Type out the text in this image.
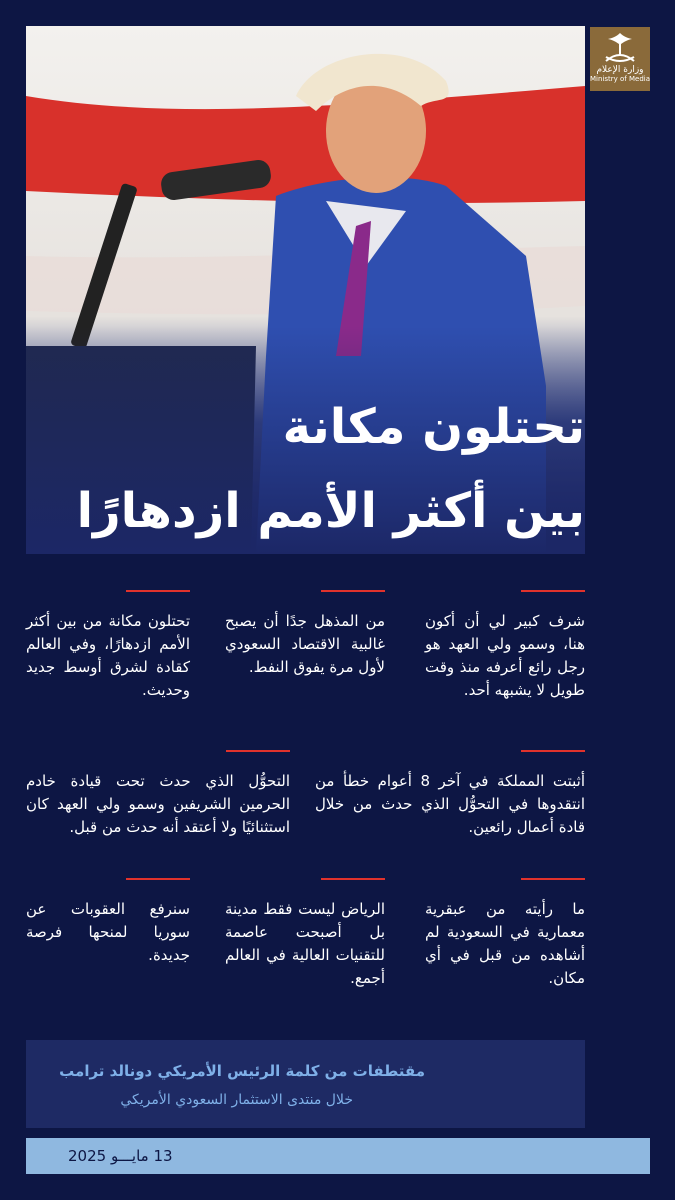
وزارة الإعلام
Ministry of Media
تحتلون مكانة
بين أكثر الأمم ازدهارًا
شرف كبير لي أن أكون هنا، وسمو ولي العهد هو رجل رائع أعرفه منذ وقت طويل لا يشبهه أحد.
من المذهل جدًا أن يصبح غالبية الاقتصاد السعودي لأول مرة يفوق النفط.
تحتلون مكانة من بين أكثر الأمم ازدهارًا، وفي العالم كقادة لشرق أوسط جديد وحديث.
أثبتت المملكة في آخر 8 أعوام خطأ من انتقدوها في التحوُّل الذي حدث من خلال قادة أعمال رائعين.
التحوُّل الذي حدث تحت قيادة خادم الحرمين الشريفين وسمو ولي العهد كان استثنائيًا ولا أعتقد أنه حدث من قبل.
ما رأيته من عبقرية معمارية في السعودية لم أشاهده من قبل في أي مكان.
الرياض ليست فقط مدينة بل أصبحت عاصمة للتقنيات العالية في العالم أجمع.
سنرفع العقوبات عن سوريا لمنحها فرصة جديدة.
مقتطفات من كلمة الرئيس الأمريكي دونالد ترامب
خلال منتدى الاستثمار السعودي الأمريكي
13 مايـــو 2025
